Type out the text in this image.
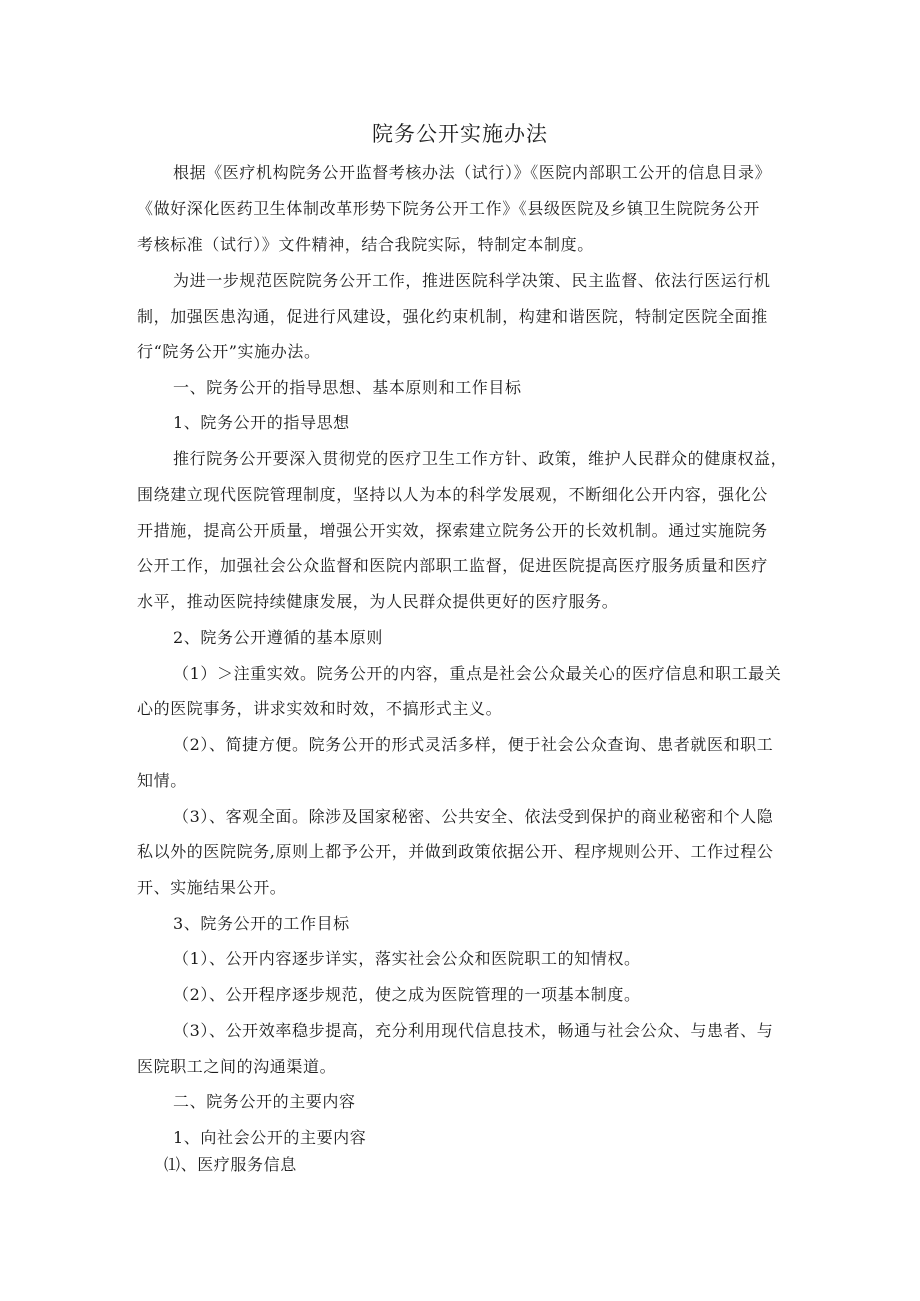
院务公开实施办法

根据《医疗机构院务公开监督考核办法（试行）》《医院内部职工公开的信息目录》

《做好深化医药卫生体制改革形势下院务公开工作》《县级医院及乡镇卫生院院务公开

考核标准（试行）》文件精神，结合我院实际，特制定本制度。

为进一步规范医院院务公开工作，推进医院科学决策、民主监督、依法行医运行机

制，加强医患沟通，促进行风建设，强化约束机制，构建和谐医院，特制定医院全面推

行“院务公开”实施办法。

一、院务公开的指导思想、基本原则和工作目标

1、院务公开的指导思想

推行院务公开要深入贯彻党的医疗卫生工作方针、政策，维护人民群众的健康权益，

围绕建立现代医院管理制度，坚持以人为本的科学发展观，不断细化公开内容，强化公

开措施，提高公开质量，增强公开实效，探索建立院务公开的长效机制。通过实施院务

公开工作，加强社会公众监督和医院内部职工监督，促进医院提高医疗服务质量和医疗

水平，推动医院持续健康发展，为人民群众提供更好的医疗服务。

2、院务公开遵循的基本原则

（1）＞注重实效。院务公开的内容，重点是社会公众最关心的医疗信息和职工最关

心的医院事务，讲求实效和时效，不搞形式主义。

（2）、简捷方便。院务公开的形式灵活多样，便于社会公众查询、患者就医和职工

知情。

（3）、客观全面。除涉及国家秘密、公共安全、依法受到保护的商业秘密和个人隐

私以外的医院院务,原则上都予公开，并做到政策依据公开、程序规则公开、工作过程公

开、实施结果公开。

3、院务公开的工作目标

（1）、公开内容逐步详实，落实社会公众和医院职工的知情权。

（2）、公开程序逐步规范，使之成为医院管理的一项基本制度。

（3）、公开效率稳步提高，充分利用现代信息技术，畅通与社会公众、与患者、与

医院职工之间的沟通渠道。

二、院务公开的主要内容

1、向社会公开的主要内容

⑴、医疗服务信息
